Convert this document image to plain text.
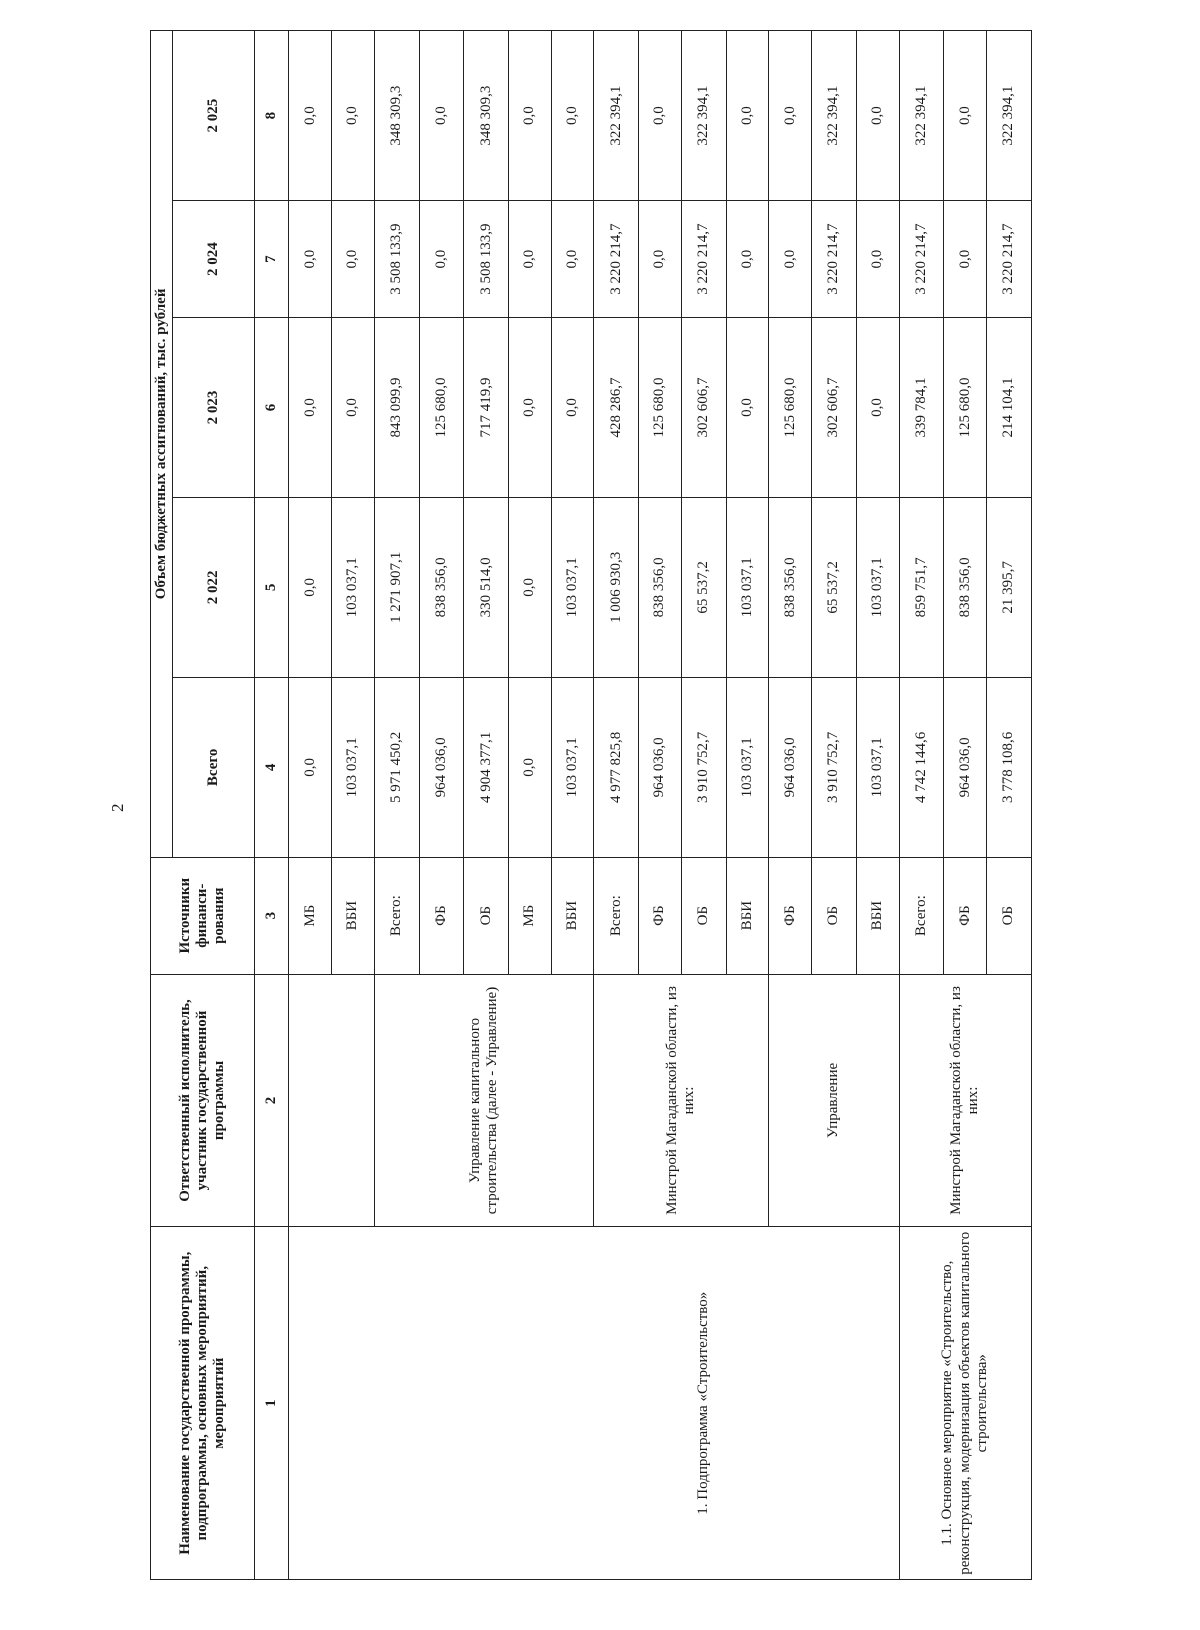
2
Наименование государственной программы, подпрограммы, основных мероприятий, мероприятий	Ответственный исполнитель, участник государственной программы	Источники финанси-рования	Объем бюджетных ассигнований, тыс. рублей				
			Всего	2 022	2 023	2 024	2 025
1	2	3	4	5	6	7	8
		МБ	0,0	0,0	0,0	0,0	0,0
		ВБИ	103 037,1	103 037,1	0,0	0,0	0,0
	Управление капитального строительства (далее - Управление)	Всего:	5 971 450,2	1 271 907,1	843 099,9	3 508 133,9	348 309,3
		ФБ	964 036,0	838 356,0	125 680,0	0,0	0,0
		ОБ	4 904 377,1	330 514,0	717 419,9	3 508 133,9	348 309,3
1. Подпрограмма «Строительство»		МБ	0,0	0,0	0,0	0,0	0,0
		ВБИ	103 037,1	103 037,1	0,0	0,0	0,0
	Минстрой Магаданской области, из них:	Всего:	4 977 825,8	1 006 930,3	428 286,7	3 220 214,7	322 394,1
		ФБ	964 036,0	838 356,0	125 680,0	0,0	0,0
		ОБ	3 910 752,7	65 537,2	302 606,7	3 220 214,7	322 394,1
		ВБИ	103 037,1	103 037,1	0,0	0,0	0,0
	Управление	ФБ	964 036,0	838 356,0	125 680,0	0,0	0,0
		ОБ	3 910 752,7	65 537,2	302 606,7	3 220 214,7	322 394,1
		ВБИ	103 037,1	103 037,1	0,0	0,0	0,0
1.1. Основное мероприятие «Строительство, реконструкция, модернизация объектов капитального строительства»	Минстрой Магаданской области, из них:	Всего:	4 742 144,6	859 751,7	339 784,1	3 220 214,7	322 394,1
		ФБ	964 036,0	838 356,0	125 680,0	0,0	0,0
		ОБ	3 778 108,6	21 395,7	214 104,1	3 220 214,7	322 394,1
